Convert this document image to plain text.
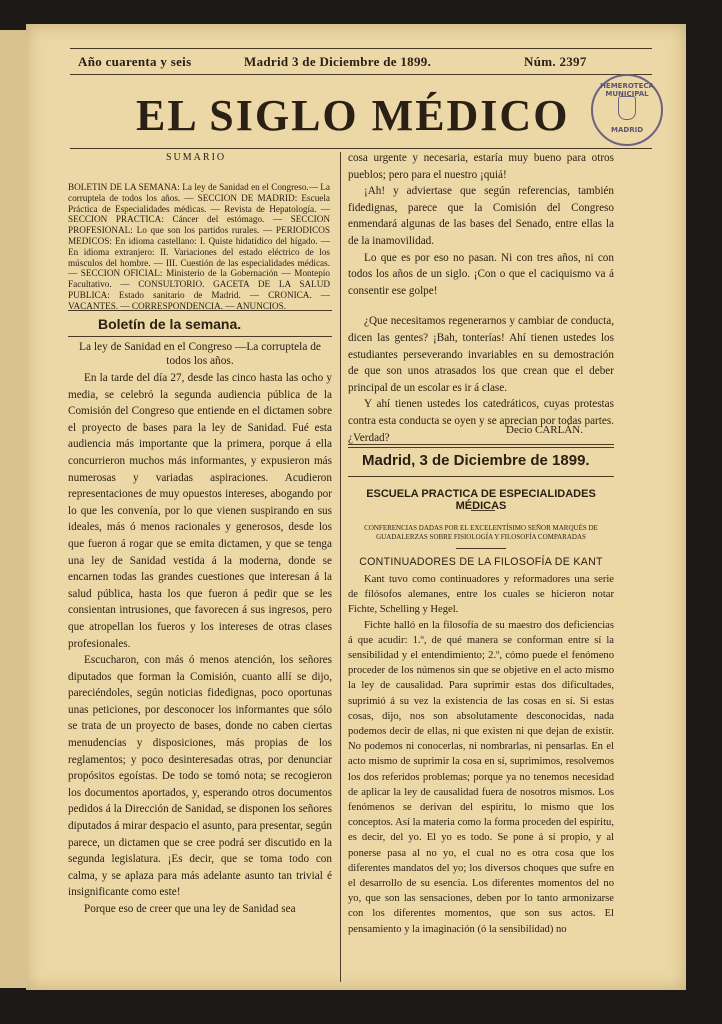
Año cuarenta y seis	Madrid 3 de Diciembre de 1899.	Núm. 2397
EL SIGLO MÉDICO
HEMEROTECA MUNICIPAL
MADRID
SUMARIO
BOLETIN DE LA SEMANA: La ley de Sanidad en el Congreso.— La corruptela de todos los años. — SECCION DE MADRID: Escuela Práctica de Especialidades médicas. — Revista de Hepatología. — SECCION PRACTICA: Cáncer del estómago. — SECCION PROFESIONAL: Lo que son los partidos rurales. — PERIODICOS MEDICOS: En idioma castellano: I. Quiste hidatídico del hígado. — En idioma extranjero: II. Variaciones del estado eléctrico de los músculos del hombre. — III. Cuestión de las especialidades médicas. — SECCION OFICIAL: Ministerio de la Gobernación — Montepío Facultativo. — CONSULTORIO. GACETA DE LA SALUD PUBLICA: Estado sanitario de Madrid. — CRONICA. — VACANTES. — CORRESPONDENCIA. — ANUNCIOS.
Boletín de la semana.
La ley de Sanidad en el Congreso —La corruptela de todos los años.

En la tarde del día 27, desde las cinco hasta las ocho y media, se celebró la segunda audiencia pública de la Comisión del Congreso que entiende en el dictamen sobre el proyecto de bases para la ley de Sanidad. Fué esta audiencia más importante que la primera, porque á ella concurrieron muchos más informantes, y expusieron más numerosas y variadas aspiraciones. Acudieron representaciones de muy opuestos intereses, abogando por lo que les convenía, por lo que vienen suspirando en sus ideales, más ó menos racionales y generosos, desde los que fueron á rogar que se emita dictamen, y que se tenga una ley de Sanidad vestida á la moderna, donde se encarnen todas las grandes cuestiones que interesan á la salud pública, hasta los que fueron á pedir que se les consientan intrusiones, que favorecen á sus ingresos, pero que atropellan los fueros y los intereses de otras clases profesionales.

Escucharon, con más ó menos atención, los señores diputados que forman la Comisión, cuanto allí se dijo, pareciéndoles, según noticias fidedignas, poco oportunas unas peticiones, por desconocer los informantes que sólo se trata de un proyecto de bases, donde no caben ciertas menudencias y disposiciones, más propias de los reglamentos; y poco desinteresadas otras, por denunciar propósitos egoístas. De todo se tomó nota; se recogieron los documentos aportados, y, esperando otros documentos pedidos á la Dirección de Sanidad, se disponen los señores diputados á mirar despacio el asunto, para presentar, según parece, un dictamen que se cree podrá ser discutido en la segunda legislatura. ¡Es decir, que se toma todo con calma, y se aplaza para más adelante asunto tan trivial é insignificante como este!

Porque eso de creer que una ley de Sanidad sea

cosa urgente y necesaria, estaría muy bueno para otros pueblos; pero para el nuestro ¡quiá!

¡Ah! y adviertase que según referencias, también fidedignas, parece que la Comisión del Congreso enmendará algunas de las bases del Senado, entre ellas la de la inamovilidad.

Lo que es por eso no pasan. Ni con tres años, ni con todos los años de un siglo. ¡Con o que el caciquismo va á consentir ese golpe!

¿Que necesitamos regenerarnos y cambiar de conducta, dicen las gentes? ¡Bah, tonterías! Ahí tienen ustedes los estudiantes perseverando invariables en su demostración de que son unos atrasados los que crean que el deber principal de un escolar es ir á clase.

Y ahí tienen ustedes los catedráticos, cuyas protestas contra esta conducta se oyen y se aprecian por todas partes. ¿Verdad?

Decio CARLÁN.
Madrid, 3 de Diciembre de 1899.
ESCUELA PRACTICA DE ESPECIALIDADES MÉDICAS
CONFERENCIAS DADAS POR EL EXCELENTÍSIMO SEÑOR MARQUÉS DE GUADALERZAS SOBRE FISIOLOGÍA Y FILOSOFÍA COMPARADAS
CONTINUADORES DE LA FILOSOFÍA DE KANT

Kant tuvo como continuadores y reformadores una serie de filósofos alemanes, entre los cuales se hicieron notar Fichte, Schelling y Hegel.

Fichte halló en la filosofía de su maestro dos deficiencias á que acudir: 1.º, de qué manera se conforman entre sí la sensibilidad y el entendimiento; 2.º, cómo puede el fenómeno proceder de los númenos sin que se objetive en el acto mismo la ley de causalidad. Para suprimir estas dos dificultades, suprimió á su vez la existencia de las cosas en sí. Si estas cosas, dijo, nos son absolutamente desconocidas, nada podemos decir de ellas, ni que existen ni que dejan de existir. No podemos ni conocerlas, ni nombrarlas, ni pensarlas. En el acto mismo de suprimir la cosa en sí, suprimimos, resolvemos los dos referidos problemas; porque ya no tenemos necesidad de aplicar la ley de causalidad fuera de nosotros mismos. Los fenómenos se derivan del espíritu, lo mismo que los conceptos. Así la materia como la forma proceden del espíritu, es decir, del yo. El yo es todo. Se pone á sí propio, y al ponerse pasa al no yo, el cual no es otra cosa que los diferentes mandatos del yo; los diversos choques que sufre en el desarrollo de su esencia. Los diferentes momentos del no yo, que son las sensaciones, deben por lo tanto armonizarse con los diferentes momentos, que son sus actos. El pensamiento y la imaginación (ó la sensibilidad) no
